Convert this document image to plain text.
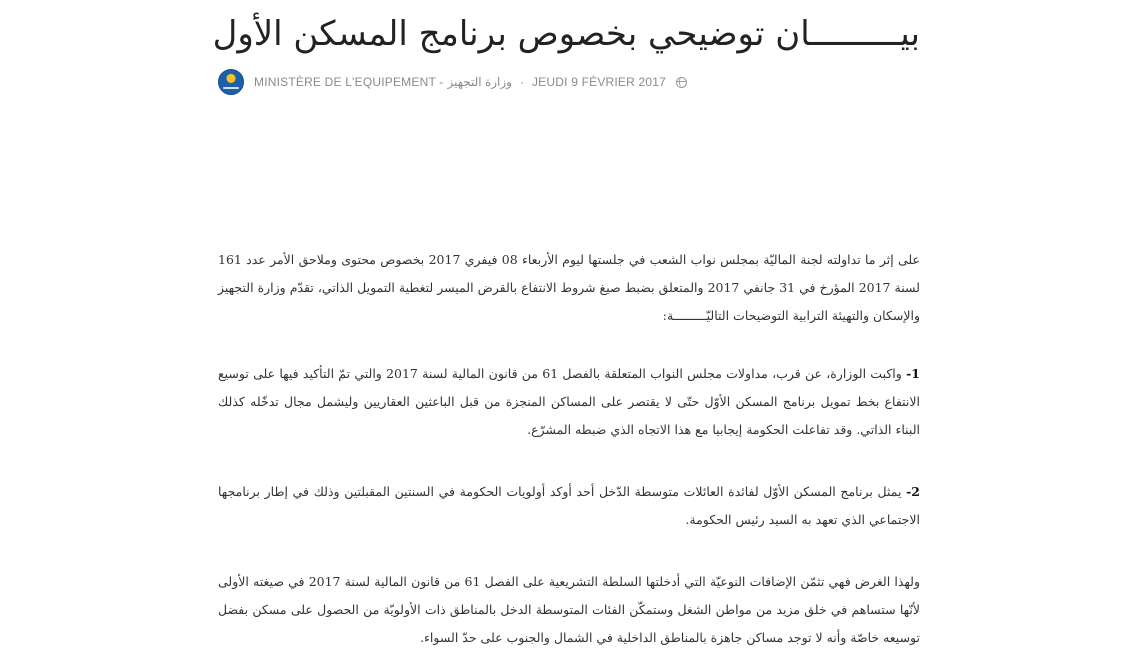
بيـــــــــان توضيحي بخصوص برنامج المسكن الأول
MINISTÈRE DE L'EQUIPEMENT - وزارة التجهيز · JEUDI 9 FÉVRIER 2017

على إثر ما تداولته لجنة الماليّة بمجلس نواب الشعب في جلستها ليوم الأربعاء 08 فيفري 2017 بخصوص محتوى وملاحق الأمر عدد 161 لسنة 2017 المؤرخ في 31 جانفي 2017 والمتعلق بضبط صيغ شروط الانتفاع بالقرض الميسر لتغطية التمويل الذاتي، تقدّم وزارة التجهيز والإسكان والتهيئة الترابية التوضيحات التاليّـــــــــة:

1- واكبت الوزارة، عن قرب، مداولات مجلس النواب المتعلقة بالفصل 61 من قانون المالية لسنة 2017 والتي تمّ التأكيد فيها على توسيع الانتفاع بخط تمويل برنامج المسكن الأوّل حتّى لا يقتصر على المساكن المنجزة من قبل الباعثين العقاريين وليشمل مجال تدخّله كذلك البناء الذاتي. وقد تفاعلت الحكومة إيجابيا مع هذا الاتجاه الذي ضبطه المشرّع.

2- يمثل برنامج المسكن الأوّل لفائدة العائلات متوسطة الدّخل أحد أوكد أولويات الحكومة في السنتين المقبلتين وذلك في إطار برنامجها الاجتماعي الذي تعهد به السيد رئيس الحكومة.

ولهذا الغرض فهي تثمّن الإضافات النوعيّة التي أدخلتها السلطة التشريعية على الفصل 61 من قانون المالية لسنة 2017 في صيغته الأولى لأنّها ستساهم في خلق مزيد من مواطن الشغل وستمكّن الفئات المتوسطة الدخل بالمناطق ذات الأولويّة من الحصول على مسكن بفضل توسيعه خاصّة وأنه لا توجد مساكن جاهزة بالمناطق الداخلية في الشمال والجنوب على حدّ السواء.
